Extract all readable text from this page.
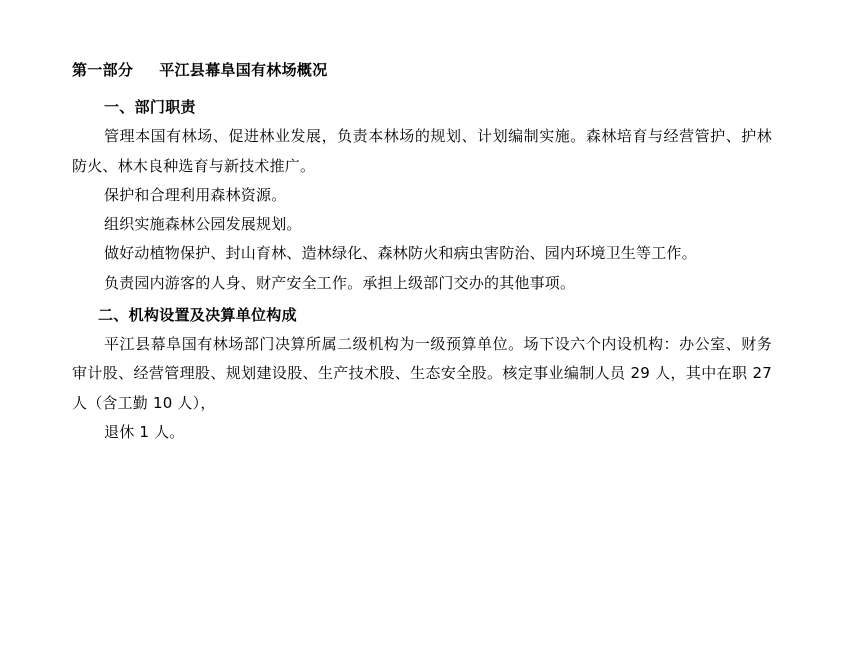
第一部分 平江县幕阜国有林场概况
一、部门职责

管理本国有林场、促进林业发展，负责本林场的规划、计划编制实施。森林培育与经营管护、护林防火、林木良种选育与新技术推广。

保护和合理利用森林资源。

组织实施森林公园发展规划。

做好动植物保护、封山育林、造林绿化、森林防火和病虫害防治、园内环境卫生等工作。

负责园内游客的人身、财产安全工作。承担上级部门交办的其他事项。

二、机构设置及决算单位构成

平江县幕阜国有林场部门决算所属二级机构为一级预算单位。场下设六个内设机构：办公室、财务审计股、经营管理股、规划建设股、生产技术股、生态安全股。核定事业编制人员 29 人，其中在职 27 人（含工勤 10 人），

退休 1 人。
